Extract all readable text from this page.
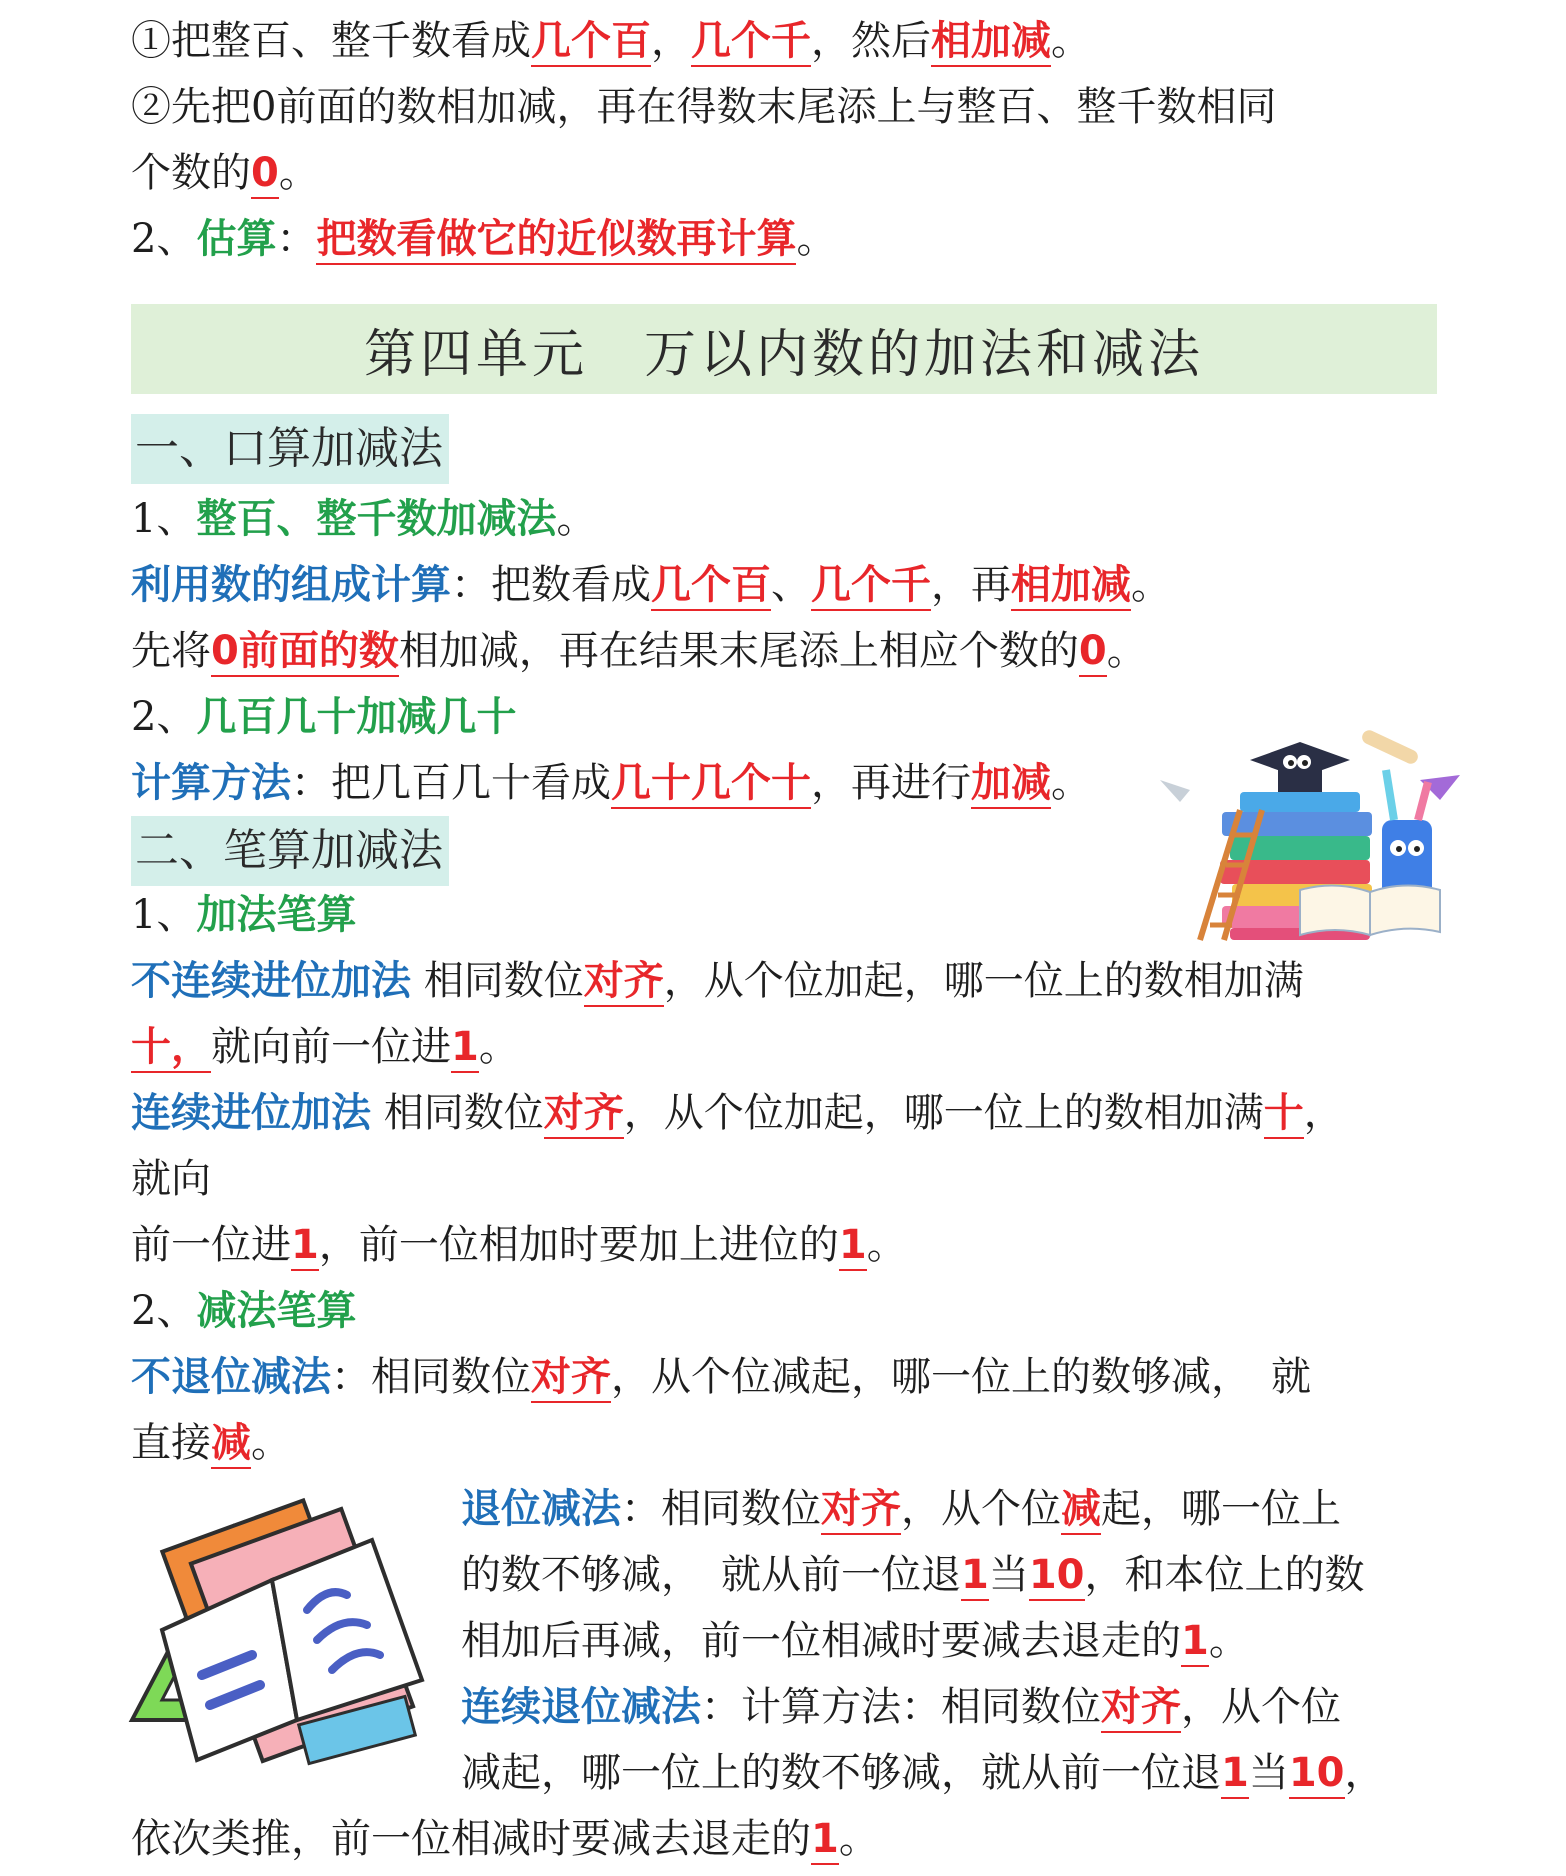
①把整百、整千数看成几个百，几个千，然后相加减。
②先把0前面的数相加减，再在得数末尾添上与整百、整千数相同
个数的0。
2、估算：把数看做它的近似数再计算。
第四单元　万以内数的加法和减法
一、口算加减法
1、整百、整千数加减法。
利用数的组成计算：把数看成几个百、几个千，再相加减。
先将0前面的数相加减，再在结果末尾添上相应个数的0。
2、几百几十加减几十
计算方法：把几百几十看成几十几个十，再进行加减。
二、笔算加减法
1、加法笔算
不连续进位加法 相同数位对齐，从个位加起，哪一位上的数相加满
十，就向前一位进1。
连续进位加法 相同数位对齐，从个位加起，哪一位上的数相加满十，
就向
前一位进1，前一位相加时要加上进位的1。
2、减法笔算
不退位减法：相同数位对齐，从个位减起，哪一位上的数够减，　就
直接减。
退位减法：相同数位对齐，从个位减起，哪一位上
的数不够减，　就从前一位退1当10，和本位上的数
相加后再减，前一位相减时要减去退走的1。
连续退位减法：计算方法：相同数位对齐，从个位
减起，哪一位上的数不够减，就从前一位退1当10，
依次类推，前一位相减时要减去退走的1。
